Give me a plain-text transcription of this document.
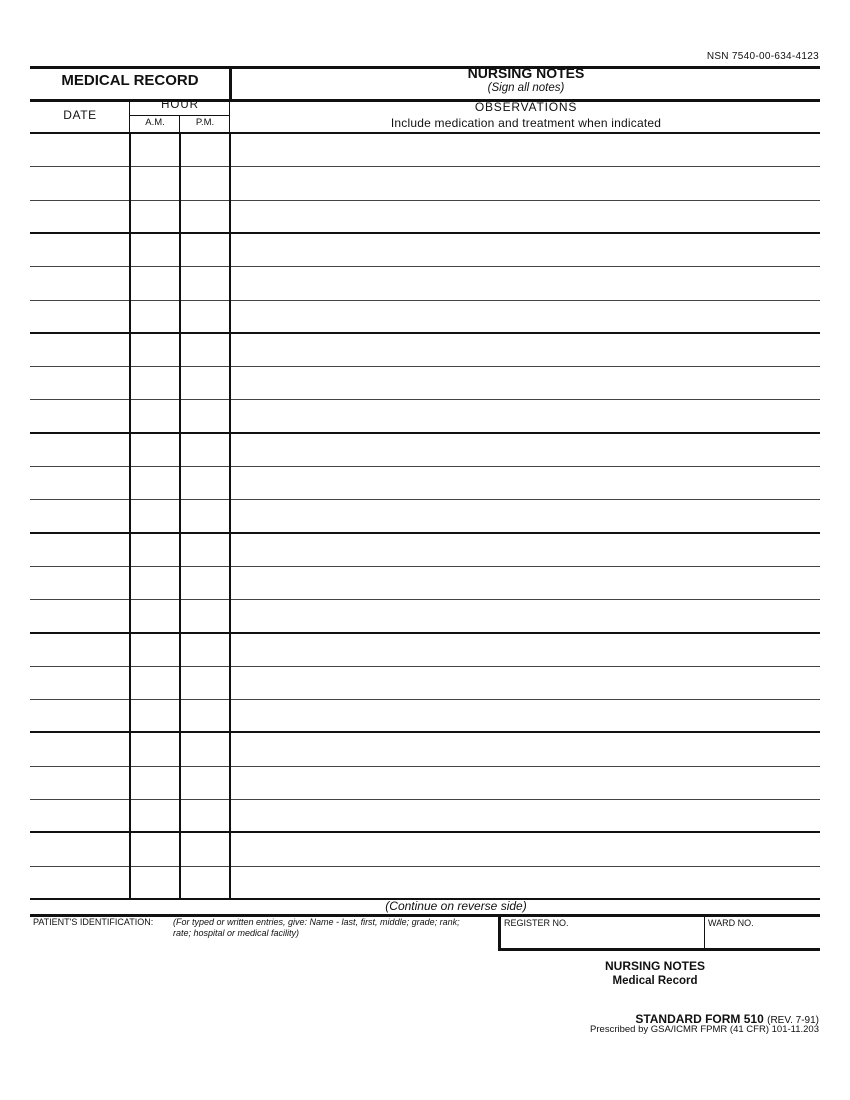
NSN 7540-00-634-4123
MEDICAL RECORD	NURSING NOTES
(Sign all notes)
DATE
HOUR
A.M.	P.M.
OBSERVATIONS
Include medication and treatment when indicated
(Continue on reverse side)
PATIENT'S IDENTIFICATION: (For typed or written entries, give: Name - last, first, middle; grade; rank; rate; hospital or medical facility)
REGISTER NO.	WARD NO.
NURSING NOTES
Medical Record
STANDARD FORM 510 (REV. 7-91)
Prescribed by GSA/ICMR FPMR (41 CFR) 101-11.203
